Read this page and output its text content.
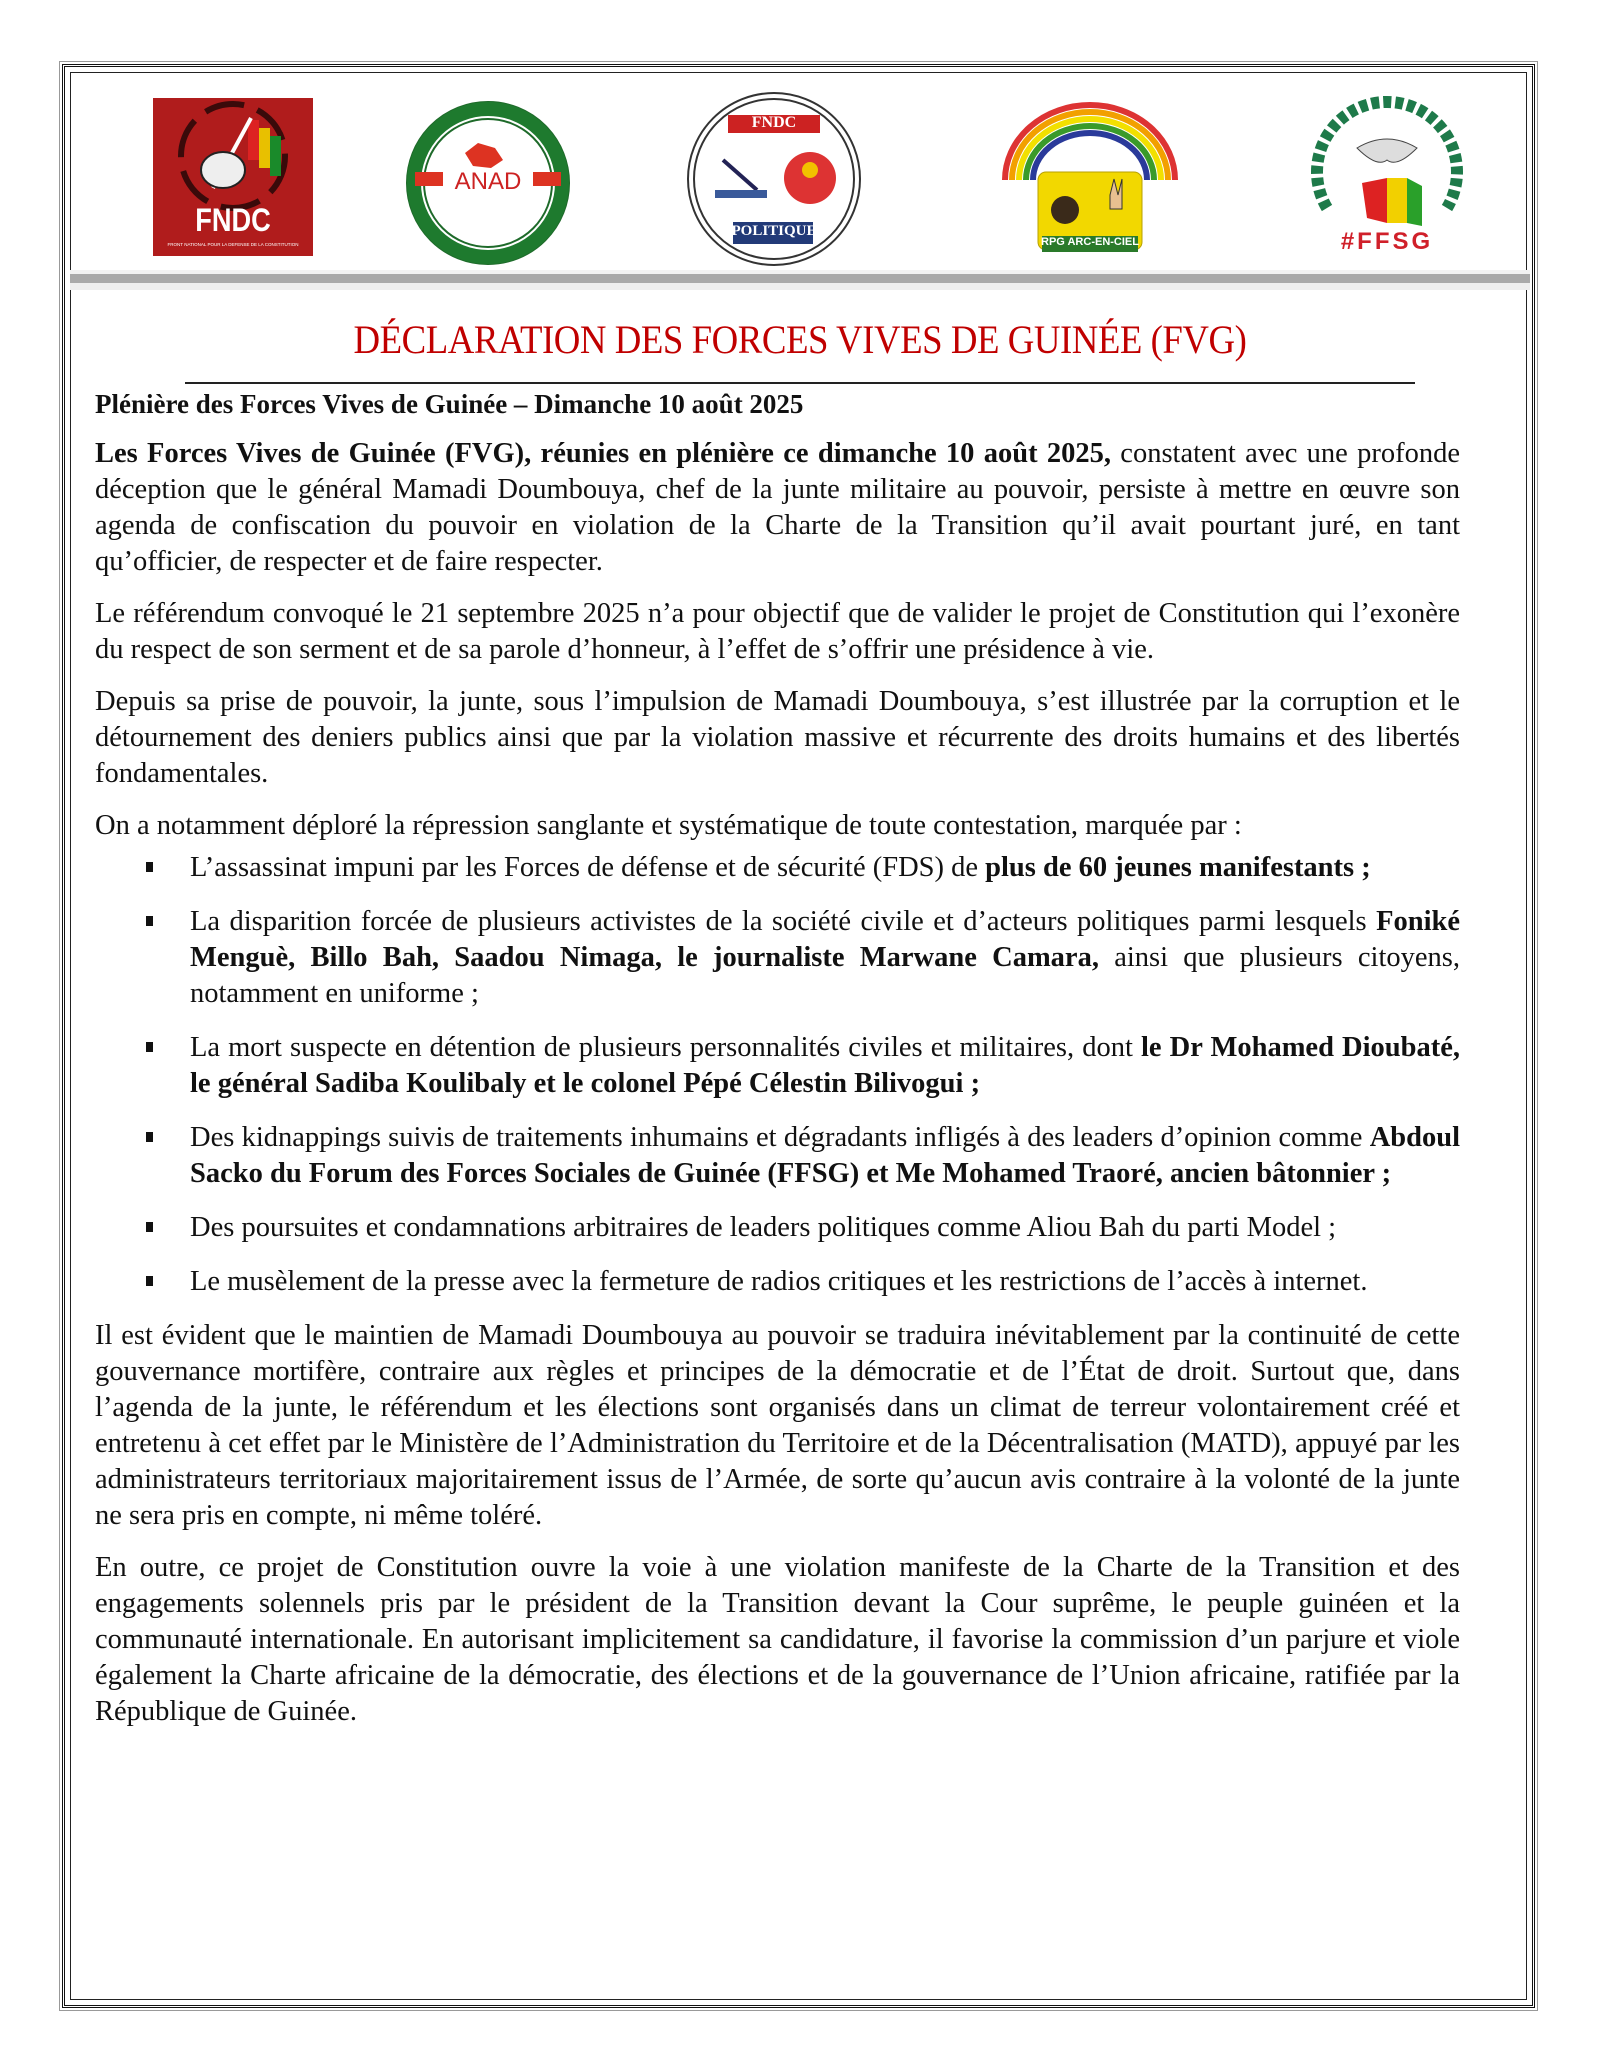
FNDC
FRONT NATIONAL POUR LA DEFENSE DE LA CONSTITUTION
ANAD
FNDC
POLITIQUE
RPG ARC-EN-CIEL	#FFSG
DÉCLARATION DES FORCES VIVES DE GUINÉE (FVG)

Plénière des Forces Vives de Guinée – Dimanche 10 août 2025

Les Forces Vives de Guinée (FVG), réunies en plénière ce dimanche 10 août 2025, constatent avec une profonde déception que le général Mamadi Doumbouya, chef de la junte militaire au pouvoir, persiste à mettre en œuvre son agenda de confiscation du pouvoir en violation de la Charte de la Transition qu’il avait pourtant juré, en tant qu’officier, de respecter et de faire respecter.

Le référendum convoqué le 21 septembre 2025 n’a pour objectif que de valider le projet de Constitution qui l’exonère du respect de son serment et de sa parole d’honneur, à l’effet de s’offrir une présidence à vie.

Depuis sa prise de pouvoir, la junte, sous l’impulsion de Mamadi Doumbouya, s’est illustrée par la corruption et le détournement des deniers publics ainsi que par la violation massive et récurrente des droits humains et des libertés fondamentales.

On a notamment déploré la répression sanglante et systématique de toute contestation, marquée par :

L’assassinat impuni par les Forces de défense et de sécurité (FDS) de plus de 60 jeunes manifestants ;
La disparition forcée de plusieurs activistes de la société civile et d’acteurs politiques parmi lesquels Foniké Menguè, Billo Bah, Saadou Nimaga, le journaliste Marwane Camara, ainsi que plusieurs citoyens, notamment en uniforme ;
La mort suspecte en détention de plusieurs personnalités civiles et militaires, dont le Dr Mohamed Dioubaté, le général Sadiba Koulibaly et le colonel Pépé Célestin Bilivogui ;
Des kidnappings suivis de traitements inhumains et dégradants infligés à des leaders d’opinion comme Abdoul Sacko du Forum des Forces Sociales de Guinée (FFSG) et Me Mohamed Traoré, ancien bâtonnier ;
Des poursuites et condamnations arbitraires de leaders politiques comme Aliou Bah du parti Model ;
Le musèlement de la presse avec la fermeture de radios critiques et les restrictions de l’accès à internet.

Il est évident que le maintien de Mamadi Doumbouya au pouvoir se traduira inévitablement par la continuité de cette gouvernance mortifère, contraire aux règles et principes de la démocratie et de l’État de droit. Surtout que, dans l’agenda de la junte, le référendum et les élections sont organisés dans un climat de terreur volontairement créé et entretenu à cet effet par le Ministère de l’Administration du Territoire et de la Décentralisation (MATD), appuyé par les administrateurs territoriaux majoritairement issus de l’Armée, de sorte qu’aucun avis contraire à la volonté de la junte ne sera pris en compte, ni même toléré.

En outre, ce projet de Constitution ouvre la voie à une violation manifeste de la Charte de la Transition et des engagements solennels pris par le président de la Transition devant la Cour suprême, le peuple guinéen et la communauté internationale. En autorisant implicitement sa candidature, il favorise la commission d’un parjure et viole également la Charte africaine de la démocratie, des élections et de la gouvernance de l’Union africaine, ratifiée par la République de Guinée.
